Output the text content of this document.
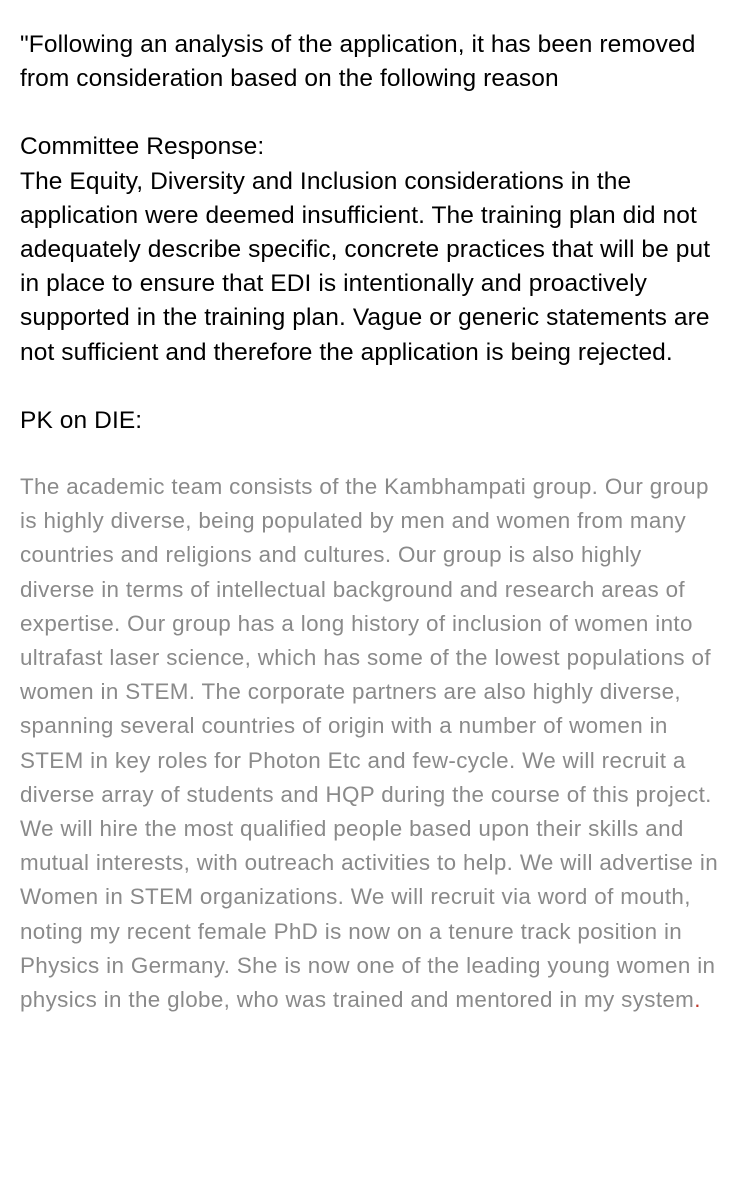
"Following an analysis of the application, it has been removed from consideration based on the following reason

Committee Response:

The Equity, Diversity and Inclusion considerations in the application were deemed insufficient. The training plan did not adequately describe specific, concrete practices that will be put in place to ensure that EDI is intentionally and proactively supported in the training plan. Vague or generic statements are not sufficient and therefore the application is being rejected.

PK on DIE:

The academic team consists of the Kambhampati group. Our group is highly diverse, being populated by men and women from many countries and religions and cultures. Our group is also highly diverse in terms of intellectual background and research areas of expertise. Our group has a long history of inclusion of women into ultrafast laser science, which has some of the lowest populations of women in STEM. The corporate partners are also highly diverse, spanning several countries of origin with a number of women in STEM in key roles for Photon Etc and few-cycle. We will recruit a diverse array of students and HQP during the course of this project. We will hire the most qualified people based upon their skills and mutual interests, with outreach activities to help. We will advertise in Women in STEM organizations. We will recruit via word of mouth, noting my recent female PhD is now on a tenure track position in Physics in Germany. She is now one of the leading young women in physics in the globe, who was trained and mentored in my system.
